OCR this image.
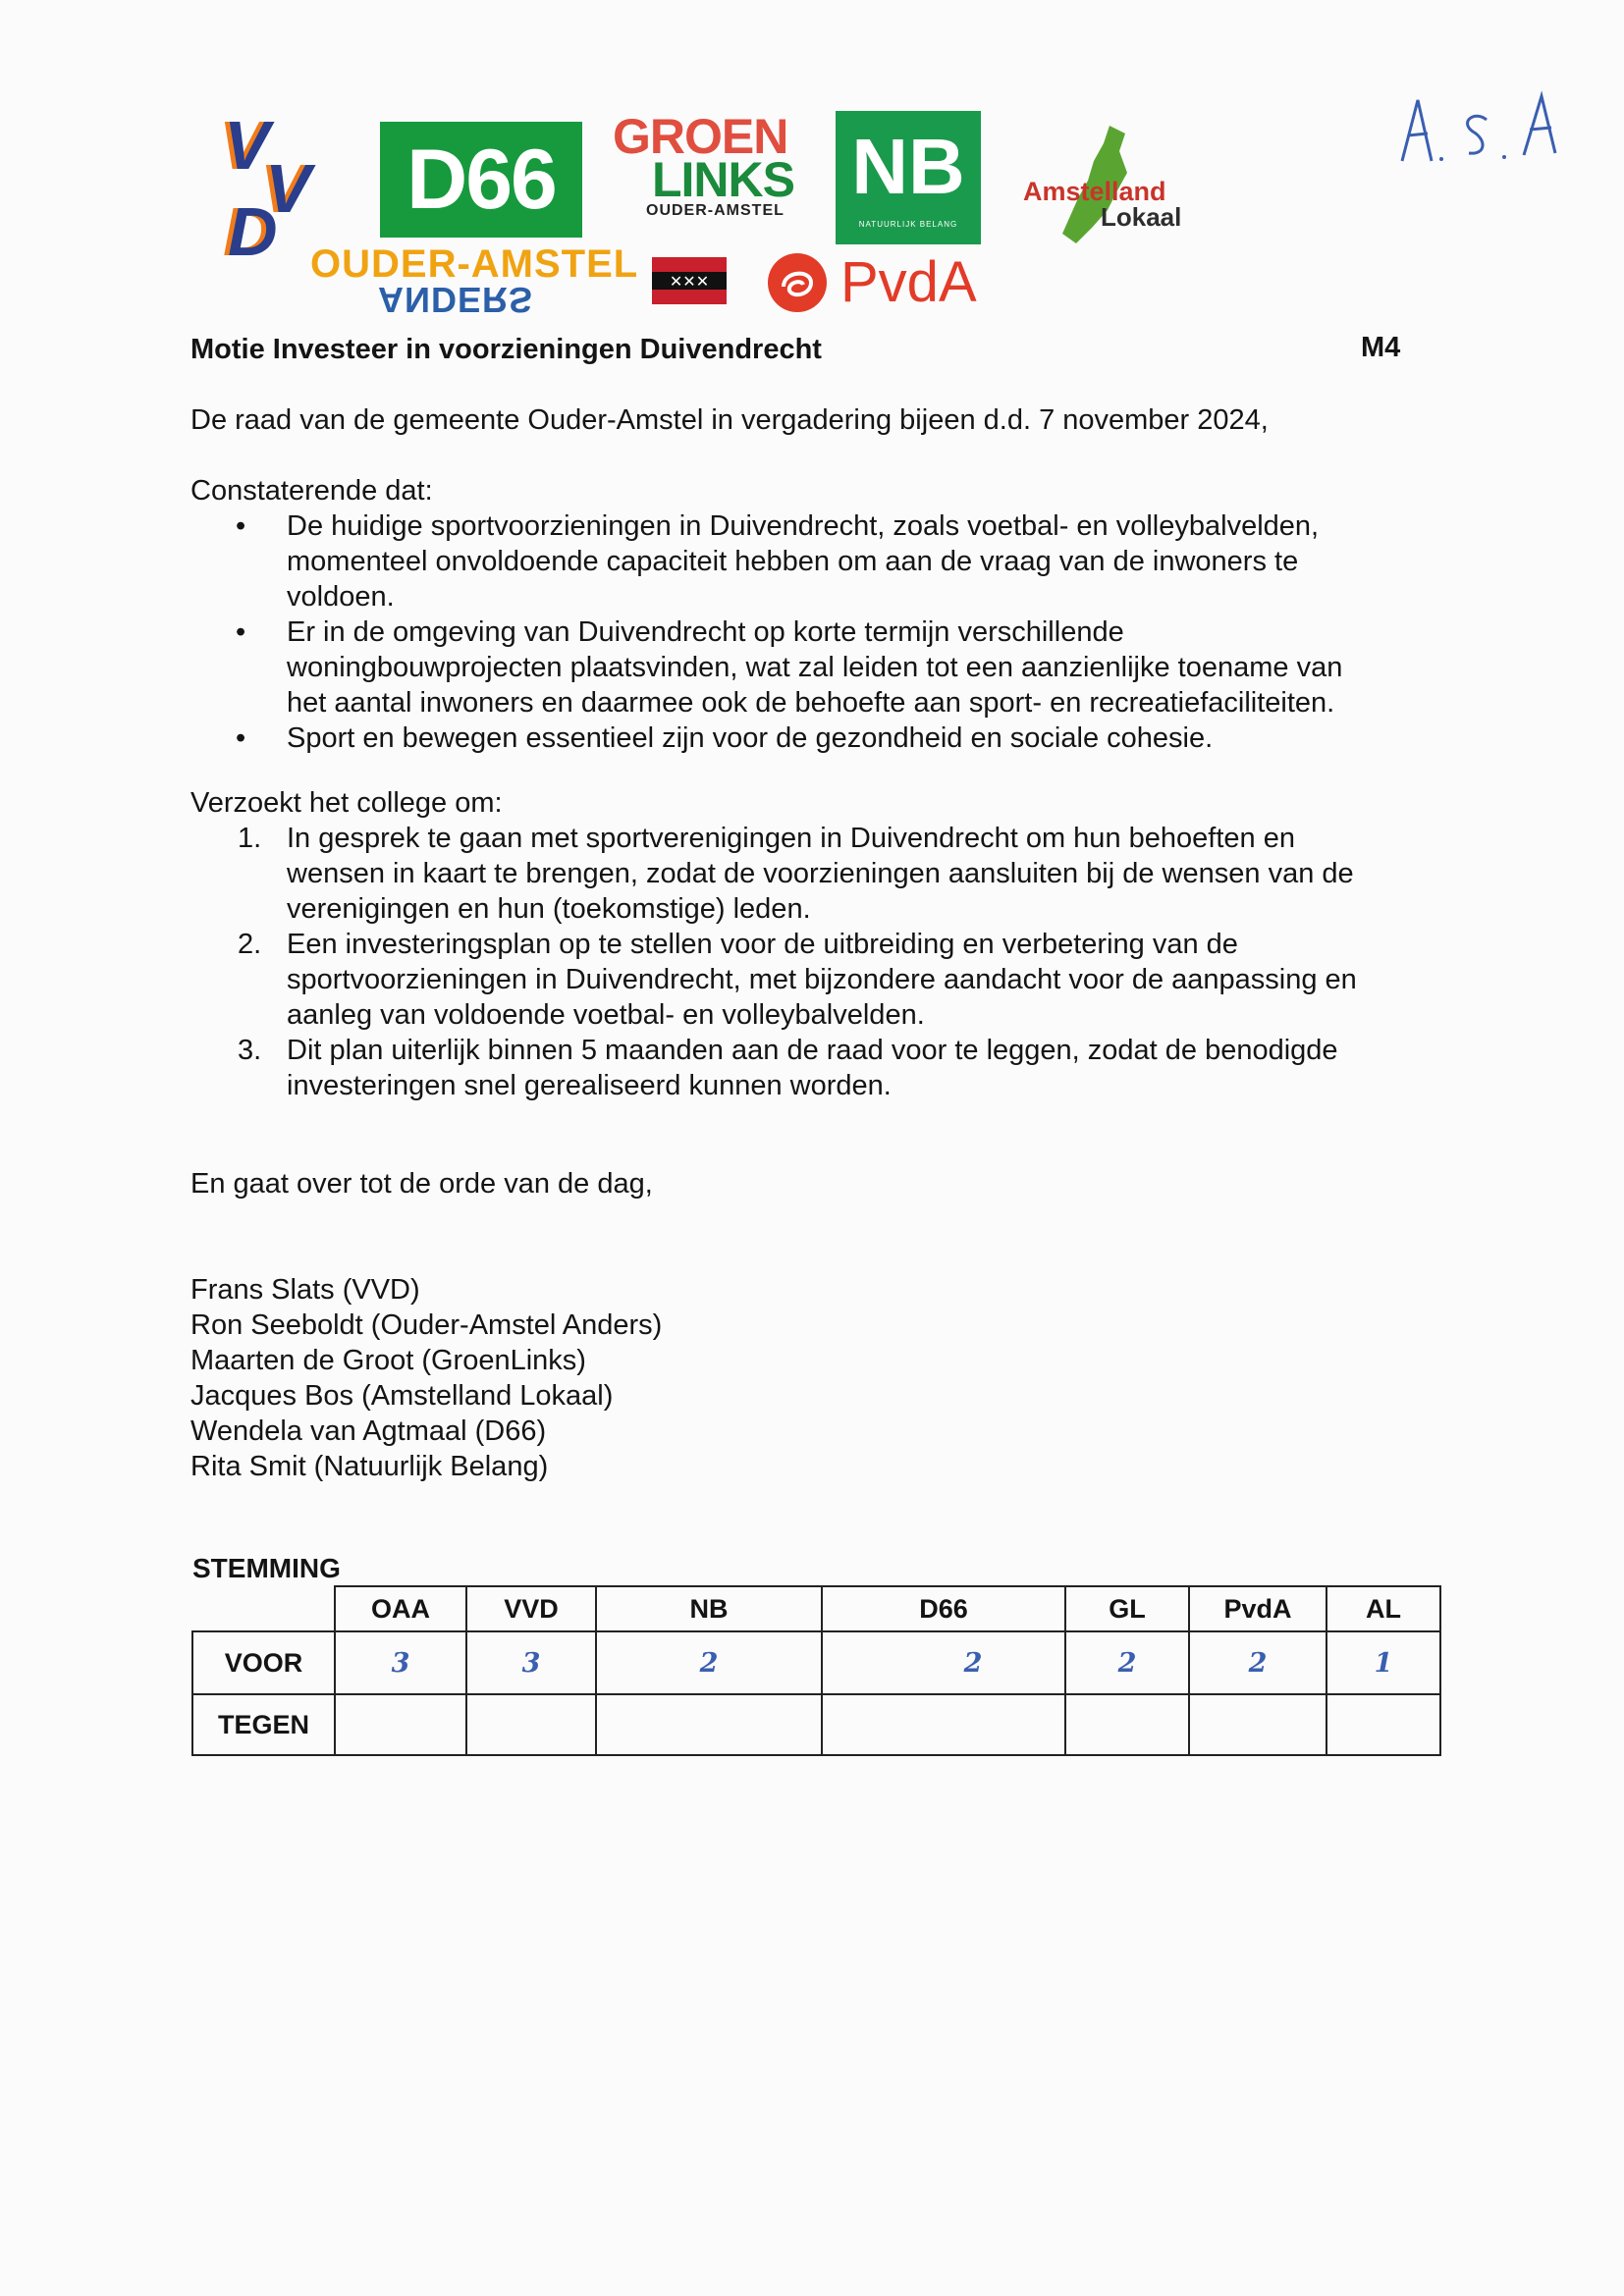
V
V
D
D66	GROEN
LINKS
OUDER-AMSTEL
NB
NATUURLIJK BELANG
Amstelland
Lokaal
OUDER-AMSTEL
ANDERS	✕✕✕ PvdA
Motie Investeer in voorzieningen Duivendrecht	M4
De raad van de gemeente Ouder-Amstel in vergadering bijeen d.d. 7 november 2024,
Constaterende dat:
• De huidige sportvoorzieningen in Duivendrecht, zoals voetbal- en volleybalvelden,
momenteel onvoldoende capaciteit hebben om aan de vraag van de inwoners te
voldoen.
• Er in de omgeving van Duivendrecht op korte termijn verschillende
woningbouwprojecten plaatsvinden, wat zal leiden tot een aanzienlijke toename van
het aantal inwoners en daarmee ook de behoefte aan sport- en recreatiefaciliteiten.
• Sport en bewegen essentieel zijn voor de gezondheid en sociale cohesie.
Verzoekt het college om:
1. In gesprek te gaan met sportverenigingen in Duivendrecht om hun behoeften en
wensen in kaart te brengen, zodat de voorzieningen aansluiten bij de wensen van de
verenigingen en hun (toekomstige) leden.
2. Een investeringsplan op te stellen voor de uitbreiding en verbetering van de
sportvoorzieningen in Duivendrecht, met bijzondere aandacht voor de aanpassing en
aanleg van voldoende voetbal- en volleybalvelden.
3. Dit plan uiterlijk binnen 5 maanden aan de raad voor te leggen, zodat de benodigde
investeringen snel gerealiseerd kunnen worden.
En gaat over tot de orde van de dag,
Frans Slats (VVD)
Ron Seeboldt (Ouder-Amstel Anders)
Maarten de Groot (GroenLinks)
Jacques Bos (Amstelland Lokaal)
Wendela van Agtmaal (D66)
Rita Smit (Natuurlijk Belang)
STEMMING
	OAA	VVD	NB	D66	GL	PvdA	AL
VOOR	3	3	2	2	2	2	1
TEGEN							
